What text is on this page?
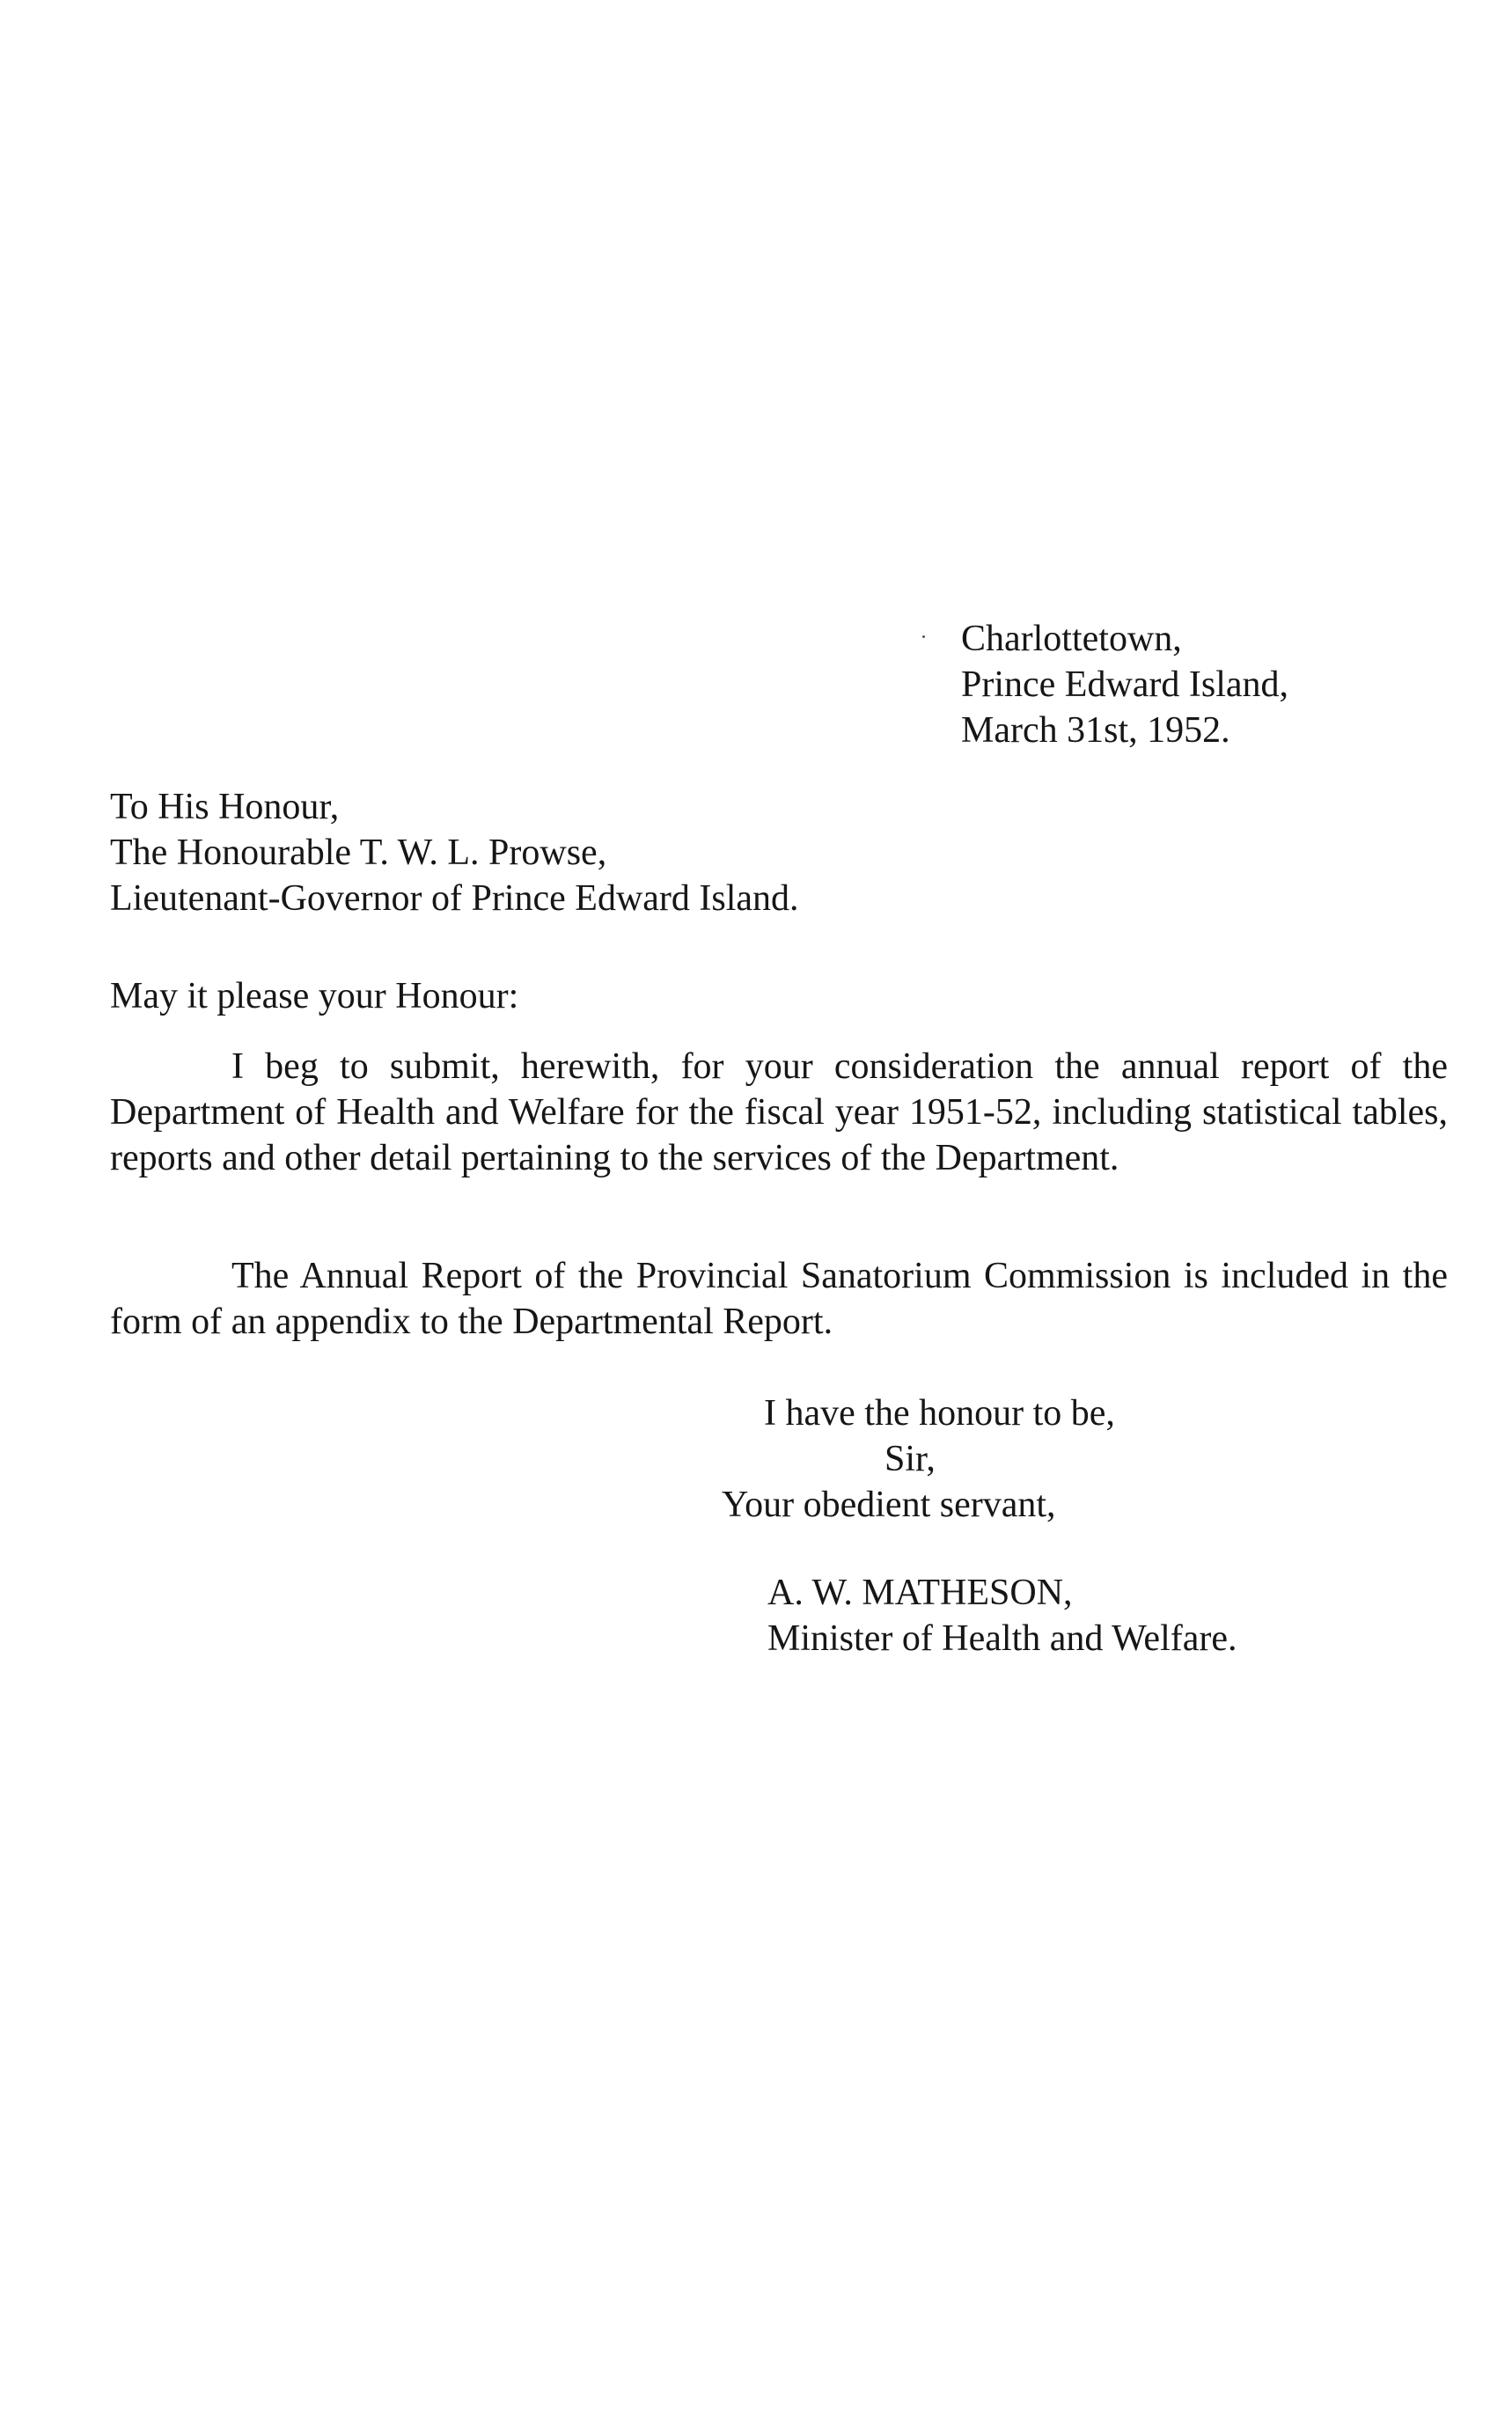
Charlottetown,
Prince Edward Island,
March 31st, 1952.
To His Honour,
The Honourable T. W. L. Prowse,
Lieutenant-Governor of Prince Edward Island.
May it please your Honour:

I beg to submit, herewith, for your consideration the annual report of the Department of Health and Welfare for the fiscal year 1951-52, including statistical tables, reports and other detail pertaining to the services of the Department.

The Annual Report of the Provincial Sanatorium Commission is included in the form of an appendix to the Departmental Report.

I have the honour to be,
Sir,
Your obedient servant,
A. W. MATHESON,
Minister of Health and Welfare.
